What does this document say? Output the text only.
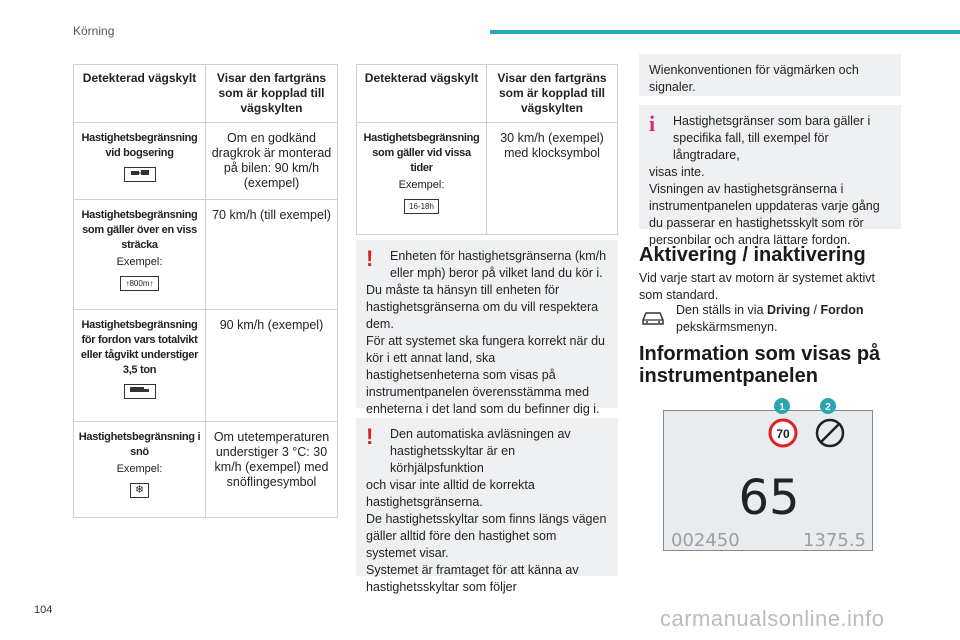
Körning
Detekterad vägskylt	Visar den fartgräns som är kopplad till vägskylten

Hastighetsbegränsning vid bogsering	Om en godkänd dragkrok är monterad på bilen: 90 km/h (exempel)

Hastighetsbegränsning som gäller över en viss sträcka
Exempel:
↑800m↑	70 km/h (till exempel)

Hastighetsbegränsning för fordon vars totalvikt eller tågvikt understiger 3,5 ton	90 km/h (exempel)

Hastighetsbegränsning i snö
Exempel:
❄	Om utetemperaturen understiger 3 °C: 30 km/h (exempel) med snöflingesymbol
Detekterad vägskylt	Visar den fartgräns som är kopplad till vägskylten

Hastighetsbegränsning som gäller vid vissa tider
Exempel:
16-18h	30 km/h (exempel) med klocksymbol
!	Enheten för hastighetsgränserna (km/h eller mph) beror på vilket land du kör i.
Du måste ta hänsyn till enheten för hastighetsgränserna om du vill respektera dem.
För att systemet ska fungera korrekt när du kör i ett annat land, ska hastighetsenheterna som visas på instrumentpanelen överensstämma med enheterna i det land som du befinner dig i.
!	Den automatiska avläsningen av hastighetsskyltar är en körhjälpsfunktion
och visar inte alltid de korrekta hastighetsgränserna.
De hastighetsskyltar som finns längs vägen gäller alltid före den hastighet som systemet visar.
Systemet är framtaget för att känna av hastighetsskyltar som följer
Wienkonventionen för vägmärken och signaler.
i	Hastighetsgränser som bara gäller i specifika fall, till exempel för långtradare,
visas inte.
Visningen av hastighetsgränserna i instrumentpanelen uppdateras varje gång du passerar en hastighetsskylt som rör personbilar och andra lättare fordon.
Aktivering / inaktivering
Vid varje start av motorn är systemet aktivt som standard.
Den ställs in via Driving / Fordon
pekskärmsmenyn.
Information som visas på instrumentpanelen
70
65
002450	1375.5
1	2
104	carmanualsonline.info
